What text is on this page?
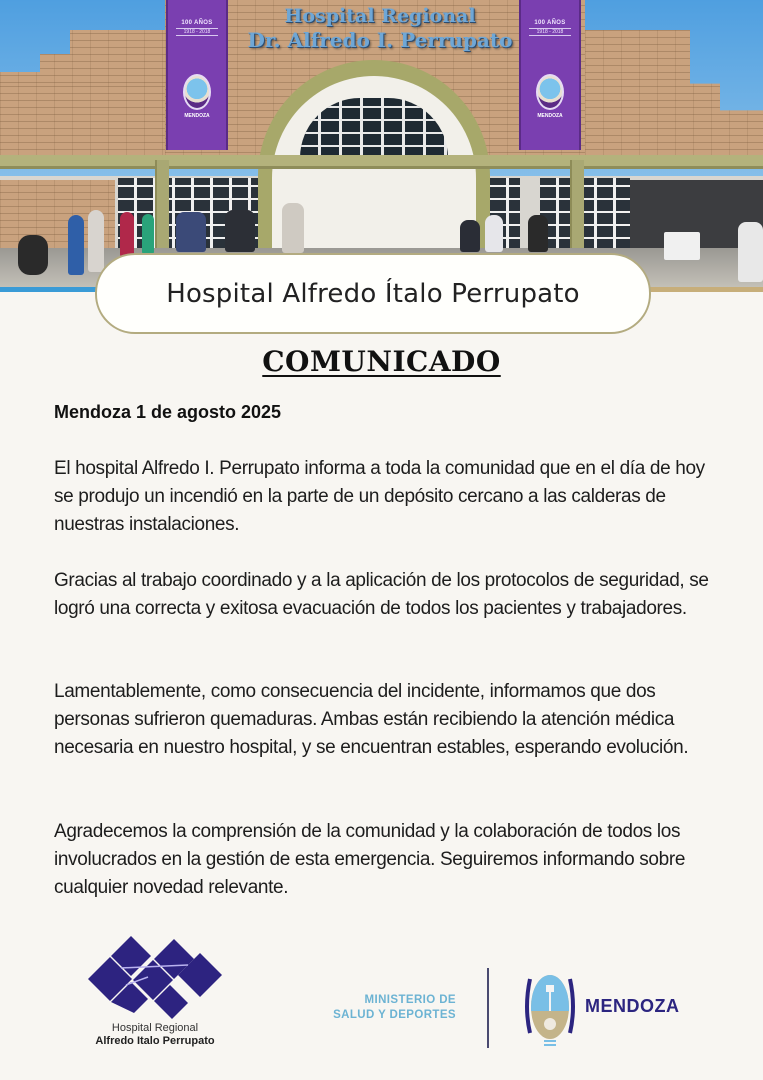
100 AÑOS
1918 - 2018
MENDOZA
100 AÑOS
1918 - 2018
MENDOZA
Hospital Regional
Dr. Alfredo I. Perrupato
Hospital Alfredo Ítalo Perrupato
COMUNICADO
Mendoza 1 de agosto 2025

El hospital Alfredo I. Perrupato informa a toda la comunidad que en el día de hoy se produjo un incendió en la parte de un depósito cercano a las calderas de nuestras instalaciones.

Gracias al trabajo coordinado y a la aplicación de los protocolos de seguridad, se logró una correcta y exitosa evacuación de todos los pacientes y trabajadores.

Lamentablemente, como consecuencia del incidente, informamos que dos personas sufrieron quemaduras. Ambas están recibiendo la atención médica necesaria en nuestro hospital, y se encuentran estables, esperando evolución.

Agradecemos la comprensión de la comunidad y la colaboración de todos los involucrados en la gestión de esta emergencia. Seguiremos informando sobre cualquier novedad relevante.

Hospital Regional
Alfredo Italo Perrupato
MINISTERIO DE
SALUD Y DEPORTES	MENDOZA
